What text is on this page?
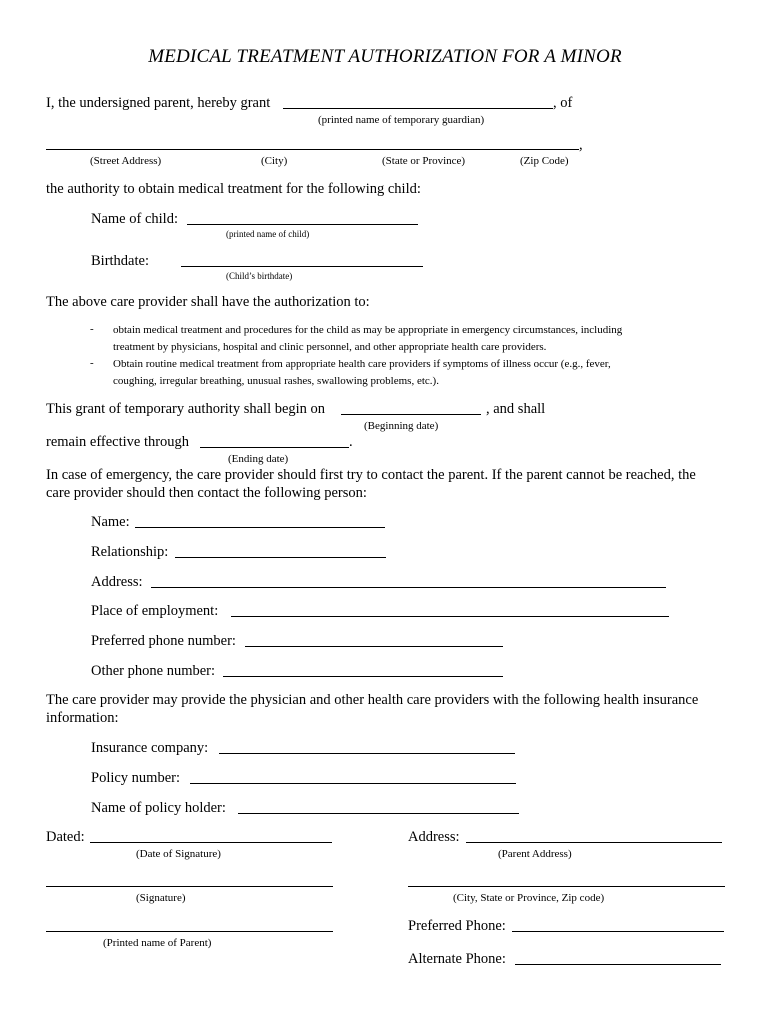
MEDICAL TREATMENT AUTHORIZATION FOR A MINOR
I, the undersigned parent, hereby grant	, of
(printed name of temporary guardian)
,
(Street Address)	(City)	(State or Province)	(Zip Code)
the authority to obtain medical treatment for the following child:
Name of child:
(printed name of child)
Birthdate:
(Child’s birthdate)
The above care provider shall have the authorization to:
- obtain medical treatment and procedures for the child as may be appropriate in emergency circumstances, including
treatment by physicians, hospital and clinic personnel, and other appropriate health care providers.
- Obtain routine medical treatment from appropriate health care providers if symptoms of illness occur (e.g., fever,
coughing, irregular breathing, unusual rashes, swallowing problems, etc.).
This grant of temporary authority shall begin on	, and shall
(Beginning date)
remain effective through	.
(Ending date)
In case of emergency, the care provider should first try to contact the parent. If the parent cannot be reached, the
care provider should then contact the following person:
Name:
Relationship:
Address:
Place of employment:
Preferred phone number:
Other phone number:
The care provider may provide the physician and other health care providers with the following health insurance
information:
Insurance company:
Policy number:
Name of policy holder:
Dated:
(Date of Signature)
(Signature)
(Printed name of Parent)
Address:
(Parent Address)
(City, State or Province, Zip code)
Preferred Phone:
Alternate Phone:
